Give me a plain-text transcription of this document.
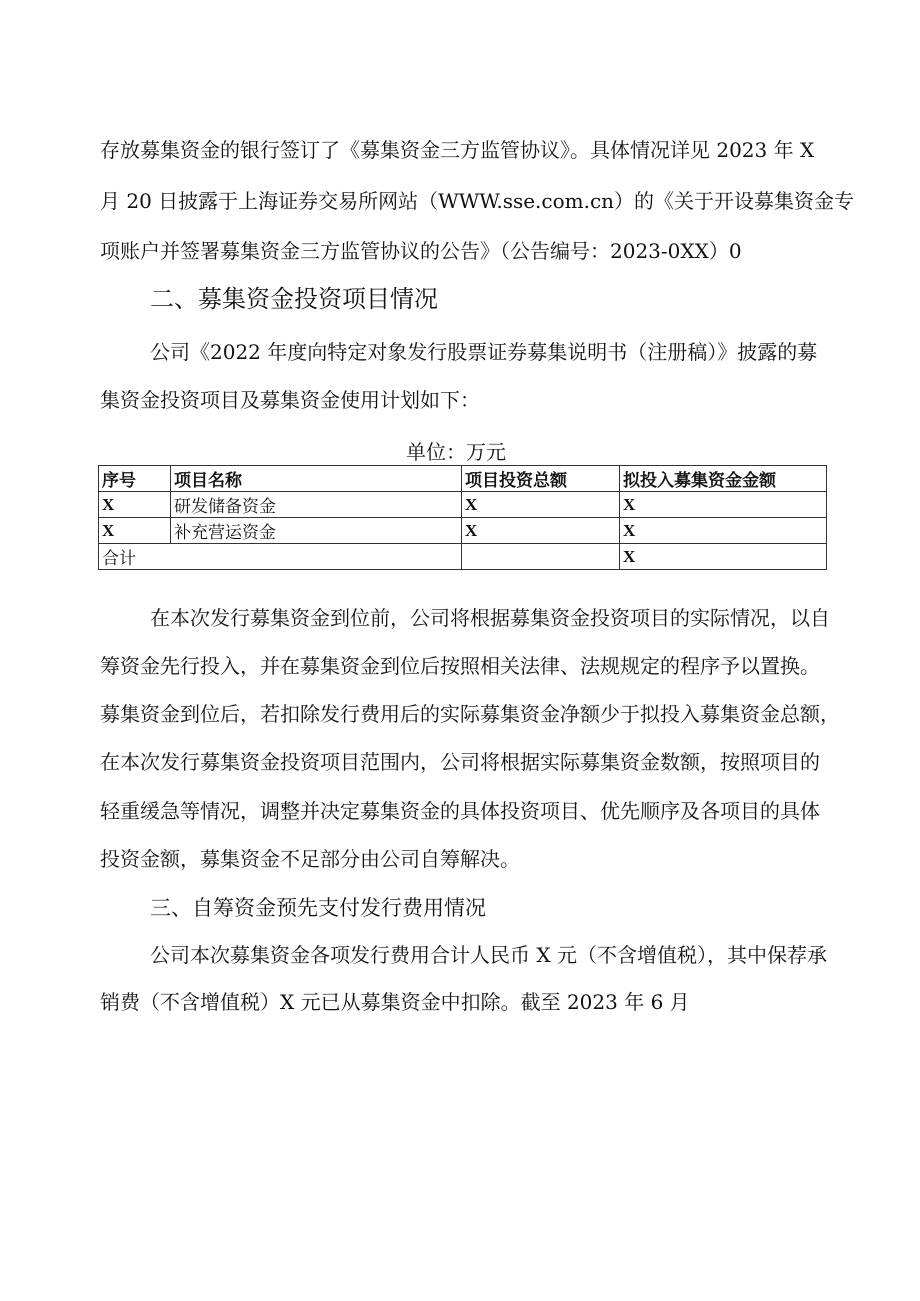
存放募集资金的银行签订了《募集资金三方监管协议》。具体情况详见 2023 年 X
月 20 日披露于上海证券交易所网站（WWW.sse.com.cn）的《关于开设募集资金专
项账户并签署募集资金三方监管协议的公告》（公告编号：2023-0XX）0
二、募集资金投资项目情况
公司《2022 年度向特定对象发行股票证券募集说明书（注册稿）》披露的募
集资金投资项目及募集资金使用计划如下：
单位：万元
序号	项目名称	项目投资总额	拟投入募集资金金额
X	研发储备资金	X	X
X	补充营运资金	X	X
合计			X
在本次发行募集资金到位前，公司将根据募集资金投资项目的实际情况，以自
筹资金先行投入，并在募集资金到位后按照相关法律、法规规定的程序予以置换。
募集资金到位后，若扣除发行费用后的实际募集资金净额少于拟投入募集资金总额，
在本次发行募集资金投资项目范围内，公司将根据实际募集资金数额，按照项目的
轻重缓急等情况，调整并决定募集资金的具体投资项目、优先顺序及各项目的具体
投资金额，募集资金不足部分由公司自筹解决。
三、自筹资金预先支付发行费用情况
公司本次募集资金各项发行费用合计人民币 X 元（不含增值税），其中保荐承
销费（不含增值税）X 元已从募集资金中扣除。截至 2023 年 6 月
